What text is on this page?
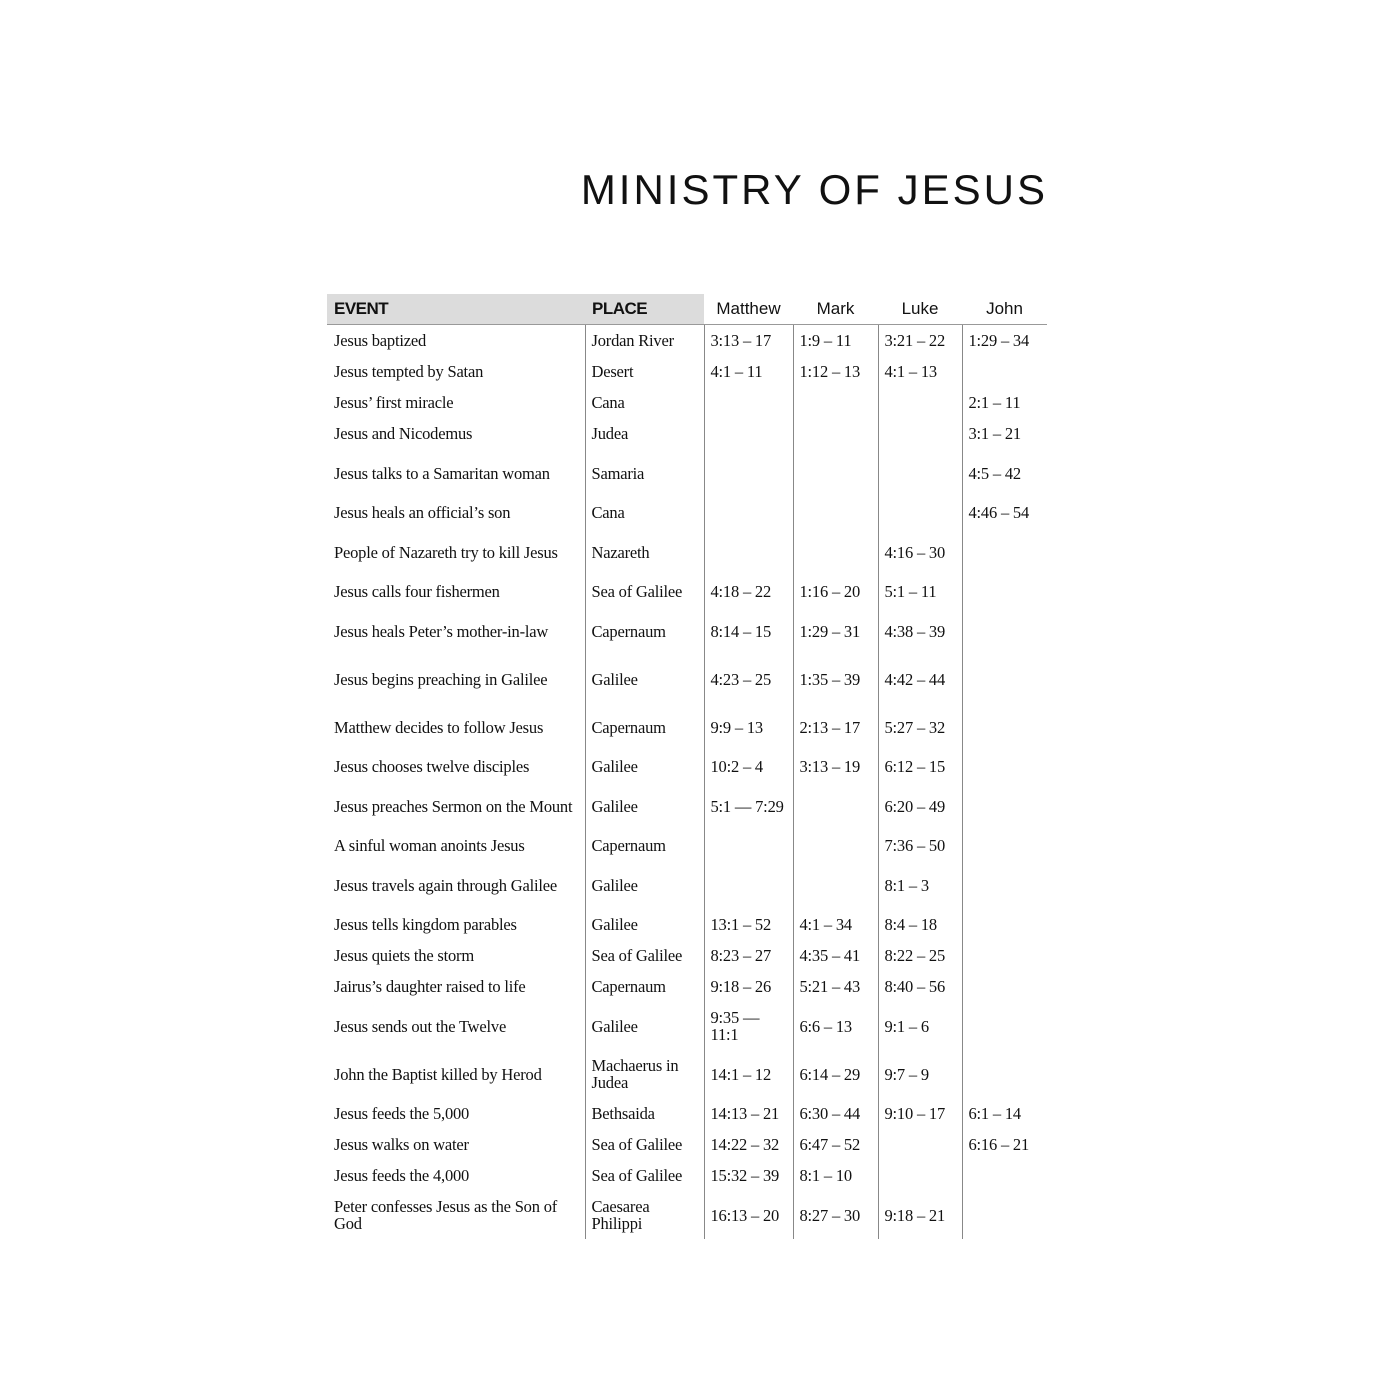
MINISTRY OF JESUS
EVENT	PLACE	Matthew	Mark	Luke	John
Jesus baptized	Jordan River	3:13 – 17	1:9 – 11	3:21 – 22	1:29 – 34
Jesus tempted by Satan	Desert	4:1 – 11	1:12 – 13	4:1 – 13	
Jesus’ first miracle	Cana				2:1 – 11
Jesus and Nicodemus	Judea				3:1 – 21
Jesus talks to a Samaritan woman	Samaria				4:5 – 42
Jesus heals an official’s son	Cana				4:46 – 54
People of Nazareth try to kill Jesus	Nazareth			4:16 – 30	
Jesus calls four fishermen	Sea of Galilee	4:18 – 22	1:16 – 20	5:1 – 11	
Jesus heals Peter’s mother-in-law	Capernaum	8:14 – 15	1:29 – 31	4:38 – 39	
Jesus begins preaching in Galilee	Galilee	4:23 – 25	1:35 – 39	4:42 – 44	
Matthew decides to follow Jesus	Capernaum	9:9 – 13	2:13 – 17	5:27 – 32	
Jesus chooses twelve disciples	Galilee	10:2 – 4	3:13 – 19	6:12 – 15	
Jesus preaches Sermon on the Mount	Galilee	5:1 — 7:29		6:20 – 49	
A sinful woman anoints Jesus	Capernaum			7:36 – 50	
Jesus travels again through Galilee	Galilee			8:1 – 3	
Jesus tells kingdom parables	Galilee	13:1 – 52	4:1 – 34	8:4 – 18	
Jesus quiets the storm	Sea of Galilee	8:23 – 27	4:35 – 41	8:22 – 25	
Jairus’s daughter raised to life	Capernaum	9:18 – 26	5:21 – 43	8:40 – 56	
Jesus sends out the Twelve	Galilee	9:35 — 11:1	6:6 – 13	9:1 – 6	
John the Baptist killed by Herod	Machaerus in Judea	14:1 – 12	6:14 – 29	9:7 – 9	
Jesus feeds the 5,000	Bethsaida	14:13 – 21	6:30 – 44	9:10 – 17	6:1 – 14
Jesus walks on water	Sea of Galilee	14:22 – 32	6:47 – 52		6:16 – 21
Jesus feeds the 4,000	Sea of Galilee	15:32 – 39	8:1 – 10		
Peter confesses Jesus as the Son of God	Caesarea Philippi	16:13 – 20	8:27 – 30	9:18 – 21	
